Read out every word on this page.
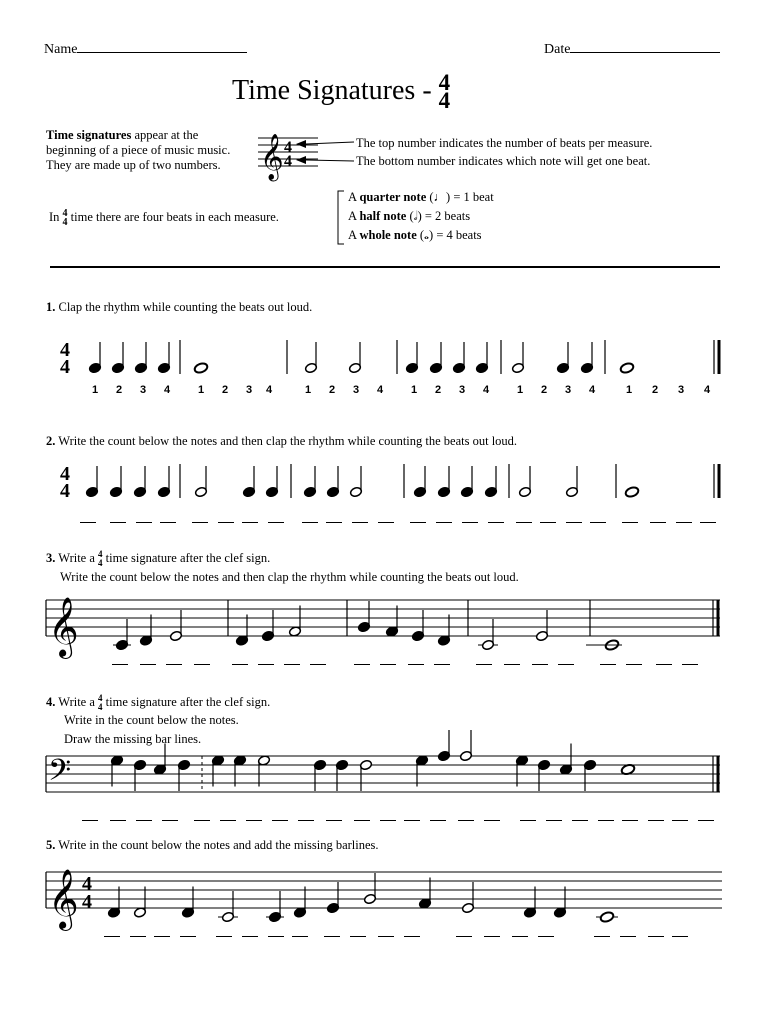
Name	Date
Time Signatures - 4
4
Time signatures appear at the beginning of a piece of music music. They are made up of two numbers. 𝄞 4
4
The top number indicates the number of beats per measure.
The bottom number indicates which note will get one beat.
In 4
4 time there are four beats in each measure.
A quarter note (♩) = 1 beat
A half note (𝅗𝅥) = 2 beats
A whole note (𝅝) = 4 beats
1. Clap the rhythm while counting the beats out loud.
4
4
1 2 3 4	1 2 3 4	1 2 3 4	1 2 3 4	1 2 3 4	1 2 3 4
2. Write the count below the notes and then clap the rhythm while counting the beats out loud.
4
4
3. Write a 4
4 time signature after the clef sign.
Write the count below the notes and then clap the rhythm while counting the beats out loud.
𝄞
4. Write a 4
4 time signature after the clef sign.
Write in the count below the notes.
Draw the missing bar lines.
𝄢
5. Write in the count below the notes and add the missing barlines.
𝄞 4
4
